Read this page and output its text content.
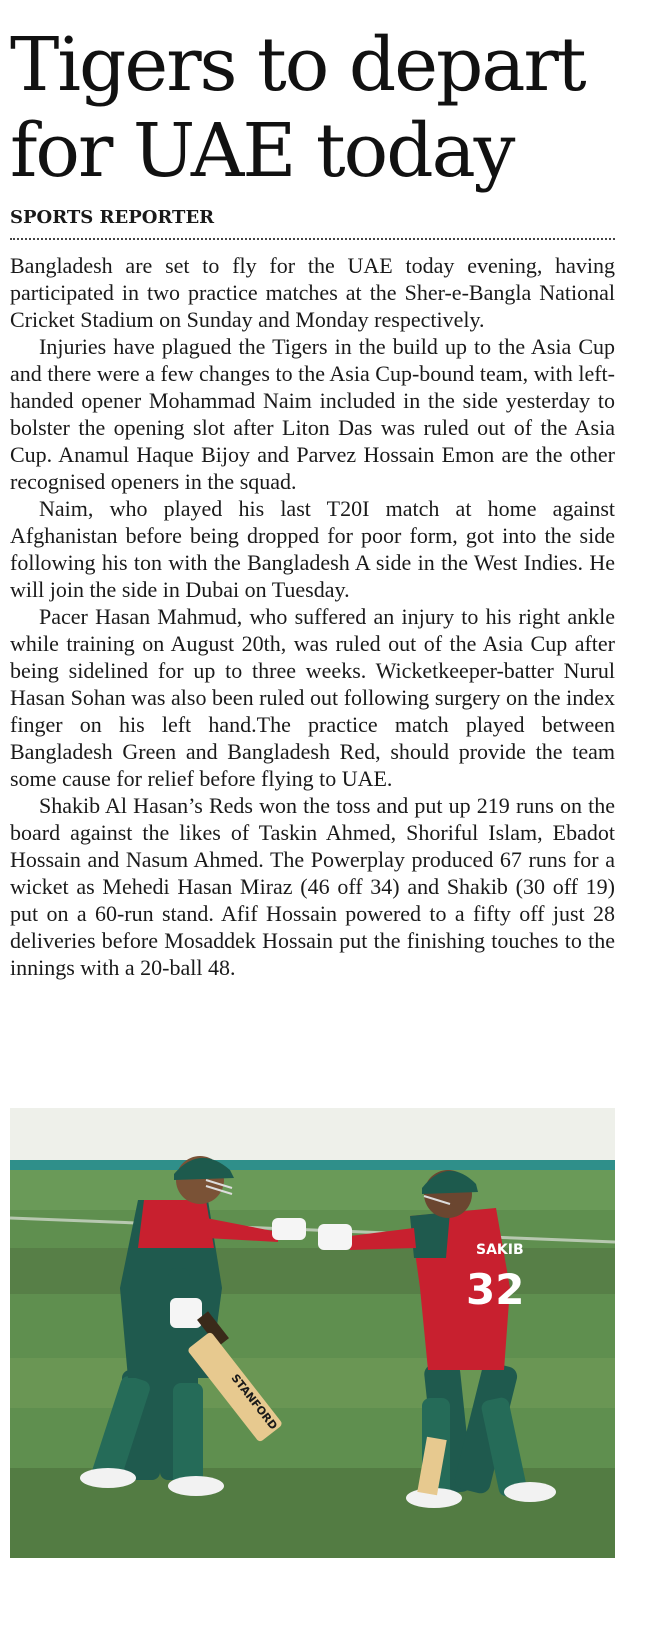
Tigers to depart for UAE today
SPORTS REPORTER

Bangladesh are set to fly for the UAE today evening, having participated in two practice matches at the Sher-e-Bangla National Cricket Stadium on Sunday and Monday respectively.

Injuries have plagued the Tigers in the build up to the Asia Cup and there were a few changes to the Asia Cup-bound team, with left-handed opener Mohammad Naim included in the side yesterday to bolster the opening slot after Liton Das was ruled out of the Asia Cup. Anamul Haque Bijoy and Parvez Hossain Emon are the other recognised openers in the squad.

Naim, who played his last T20I match at home against Afghanistan before being dropped for poor form, got into the side following his ton with the Bangladesh A side in the West Indies. He will join the side in Dubai on Tuesday.

Pacer Hasan Mahmud, who suffered an injury to his right ankle while training on August 20th, was ruled out of the Asia Cup after being sidelined for up to three weeks. Wicketkeeper-batter Nurul Hasan Sohan was also been ruled out following surgery on the index finger on his left hand.The practice match played between Bangladesh Green and Bangladesh Red, should provide the team some cause for relief before flying to UAE.

Shakib Al Hasan’s Reds won the toss and put up 219 runs on the board against the likes of Taskin Ahmed, Shoriful Islam, Ebadot Hossain and Nasum Ahmed. The Powerplay produced 67 runs for a wicket as Mehedi Hasan Miraz (46 off 34) and Shakib (30 off 19) put on a 60-run stand. Afif Hossain powered to a fifty off just 28 deliveries before Mosaddek Hossain put the finishing touches to the innings with a 20-ball 48.

STANFORD
SAKIB
32
